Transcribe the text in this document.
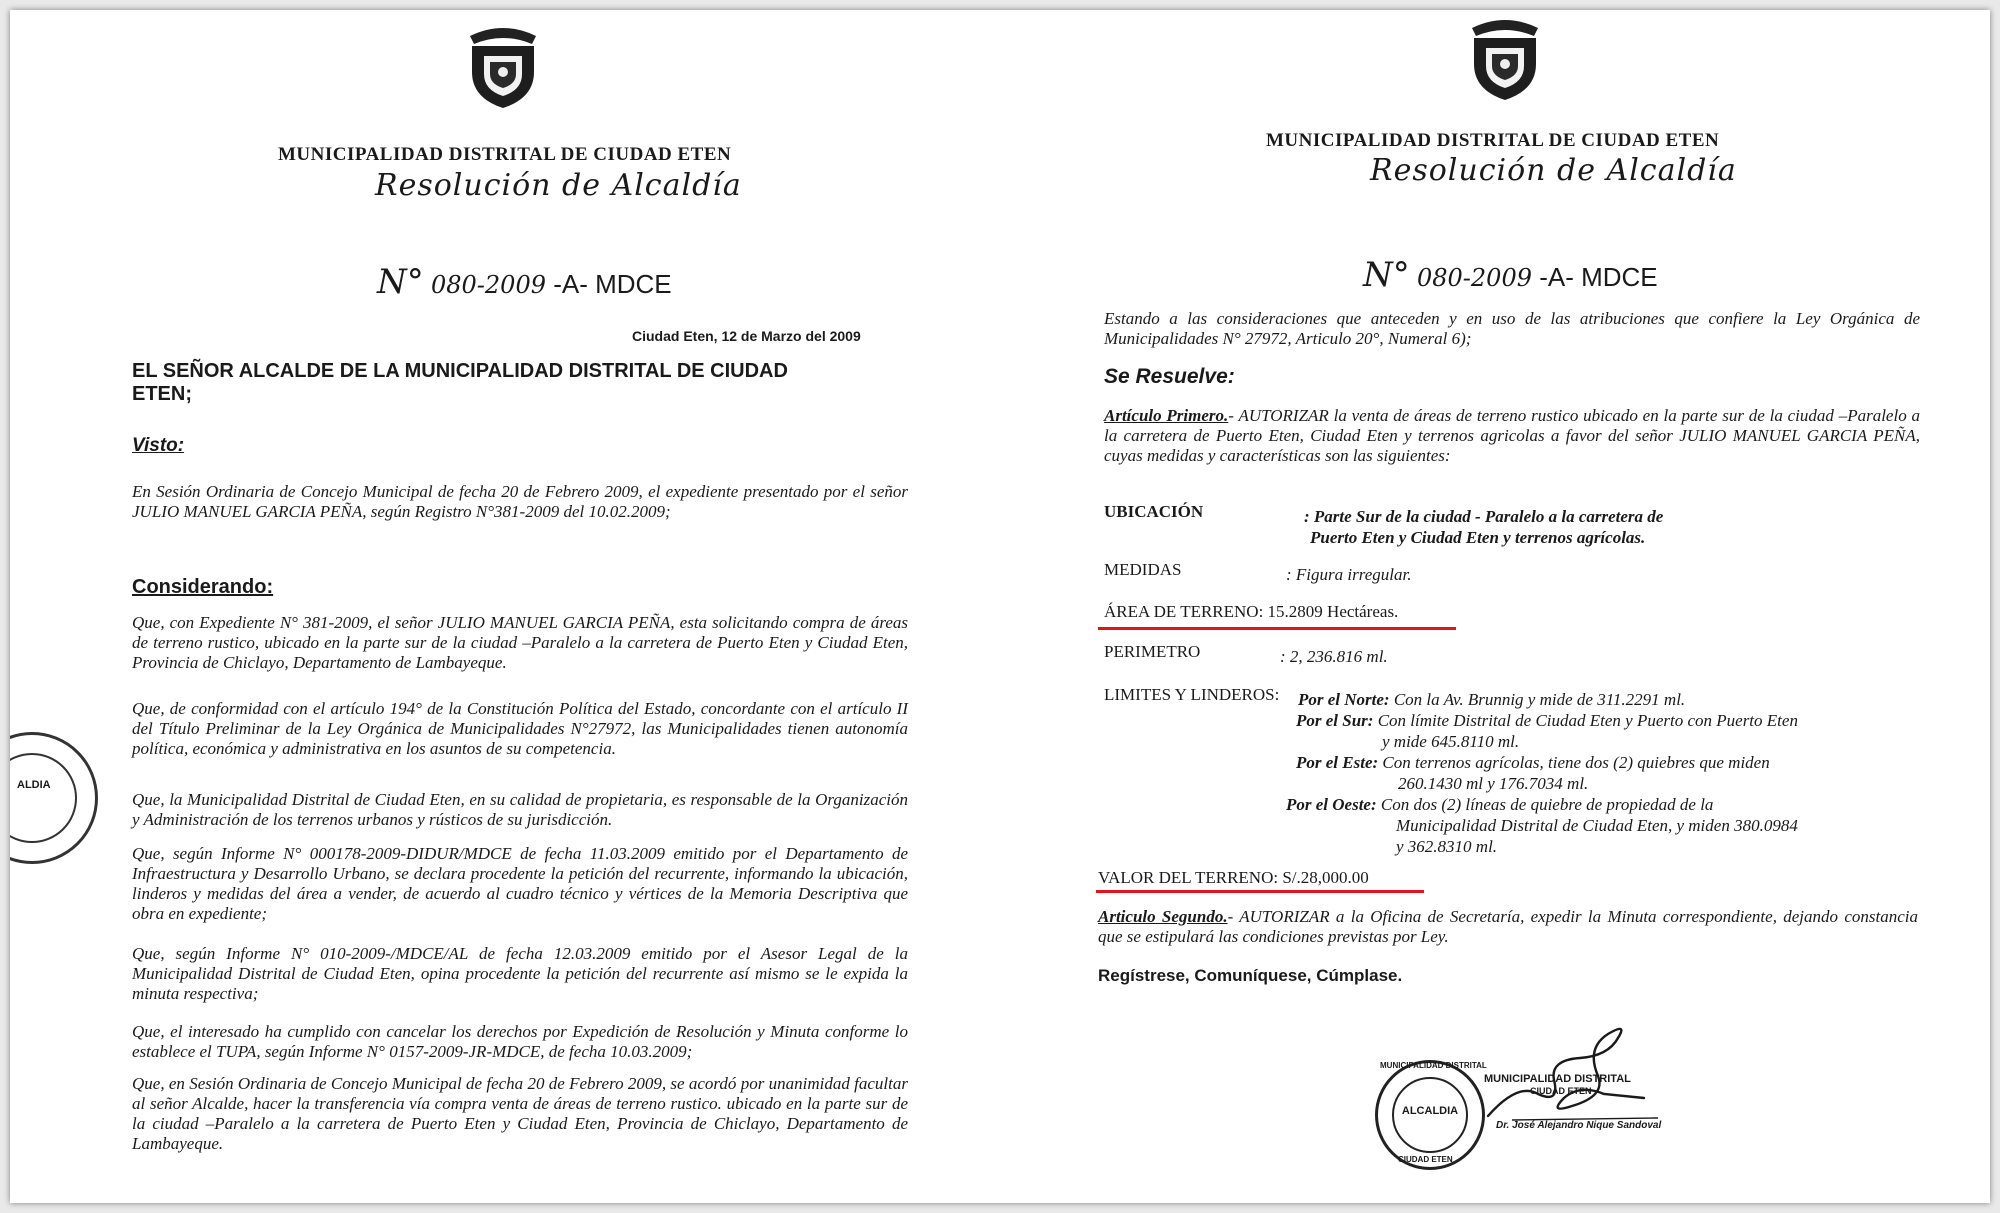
MUNICIPALIDAD DISTRITAL DE CIUDAD ETEN
Resolución de Alcaldía
N° 080-2009 -A- MDCE
Ciudad Eten, 12 de Marzo del 2009
EL SEÑOR ALCALDE DE LA MUNICIPALIDAD DISTRITAL DE CIUDAD
ETEN;
Visto:
En Sesión Ordinaria de Concejo Municipal de fecha 20 de Febrero 2009, el expediente presentado por el señor JULIO MANUEL GARCIA PEÑA, según Registro N°381-2009 del 10.02.2009;
Considerando:
Que, con Expediente N° 381-2009, el señor JULIO MANUEL GARCIA PEÑA, esta solicitando compra de áreas de terreno rustico, ubicado en la parte sur de la ciudad –Paralelo a la carretera de Puerto Eten y Ciudad Eten, Provincia de Chiclayo, Departamento de Lambayeque.
Que, de conformidad con el artículo 194° de la Constitución Política del Estado, concordante con el artículo II del Título Preliminar de la Ley Orgánica de Municipalidades N°27972, las Municipalidades tienen autonomía política, económica y administrativa en los asuntos de su competencia.
Que, la Municipalidad Distrital de Ciudad Eten, en su calidad de propietaria, es responsable de la Organización y Administración de los terrenos urbanos y rústicos de su jurisdicción.
Que, según Informe N° 000178-2009-DIDUR/MDCE de fecha 11.03.2009 emitido por el Departamento de Infraestructura y Desarrollo Urbano, se declara procedente la petición del recurrente, informando la ubicación, linderos y medidas del área a vender, de acuerdo al cuadro técnico y vértices de la Memoria Descriptiva que obra en expediente;
Que, según Informe N° 010-2009-/MDCE/AL de fecha 12.03.2009 emitido por el Asesor Legal de la Municipalidad Distrital de Ciudad Eten, opina procedente la petición del recurrente así mismo se le expida la minuta respectiva;
Que, el interesado ha cumplido con cancelar los derechos por Expedición de Resolución y Minuta conforme lo establece el TUPA, según Informe N° 0157-2009-JR-MDCE, de fecha 10.03.2009;
Que, en Sesión Ordinaria de Concejo Municipal de fecha 20 de Febrero 2009, se acordó por unanimidad facultar al señor Alcalde, hacer la transferencia vía compra venta de áreas de terreno rustico. ubicado en la parte sur de la ciudad –Paralelo a la carretera de Puerto Eten y Ciudad Eten, Provincia de Chiclayo, Departamento de Lambayeque.
ALDIA
MUNICIPALIDAD DISTRITAL DE CIUDAD ETEN
Resolución de Alcaldía
N° 080-2009 -A- MDCE
Estando a las consideraciones que anteceden y en uso de las atribuciones que confiere la Ley Orgánica de Municipalidades N° 27972, Articulo 20°, Numeral 6);
Se Resuelve:
Artículo Primero.- AUTORIZAR la venta de áreas de terreno rustico ubicado en la parte sur de la ciudad –Paralelo a la carretera de Puerto Eten, Ciudad Eten y terrenos agricolas a favor del señor JULIO MANUEL GARCIA PEÑA, cuyas medidas y características son las siguientes:
UBICACIÓN	: Parte Sur de la ciudad - Paralelo a la carretera de
Puerto Eten y Ciudad Eten y terrenos agrícolas.
MEDIDAS	: Figura irregular.
ÁREA DE TERRENO: 15.2809 Hectáreas.
PERIMETRO	: 2, 236.816 ml.
LIMITES Y LINDEROS: Por el Norte: Con la Av. Brunnig y mide de 311.2291 ml.
Por el Sur: Con límite Distrital de Ciudad Eten y Puerto con Puerto Eten
y mide 645.8110 ml.
Por el Este: Con terrenos agrícolas, tiene dos (2) quiebres que miden
260.1430 ml y 176.7034 ml.
Por el Oeste: Con dos (2) líneas de quiebre de propiedad de la
Municipalidad Distrital de Ciudad Eten, y miden 380.0984
y 362.8310 ml.
VALOR DEL TERRENO: S/.28,000.00
Articulo Segundo.- AUTORIZAR a la Oficina de Secretaría, expedir la Minuta correspondiente, dejando constancia que se estipulará las condiciones previstas por Ley.
Regístrese, Comuníquese, Cúmplase.
ALCALDIA
MUNICIPALIDAD DISTRITAL
CIUDAD ETEN
MUNICIPALIDAD DISTRITAL
CIUDAD ETEN
Dr. José Alejandro Nique Sandoval
